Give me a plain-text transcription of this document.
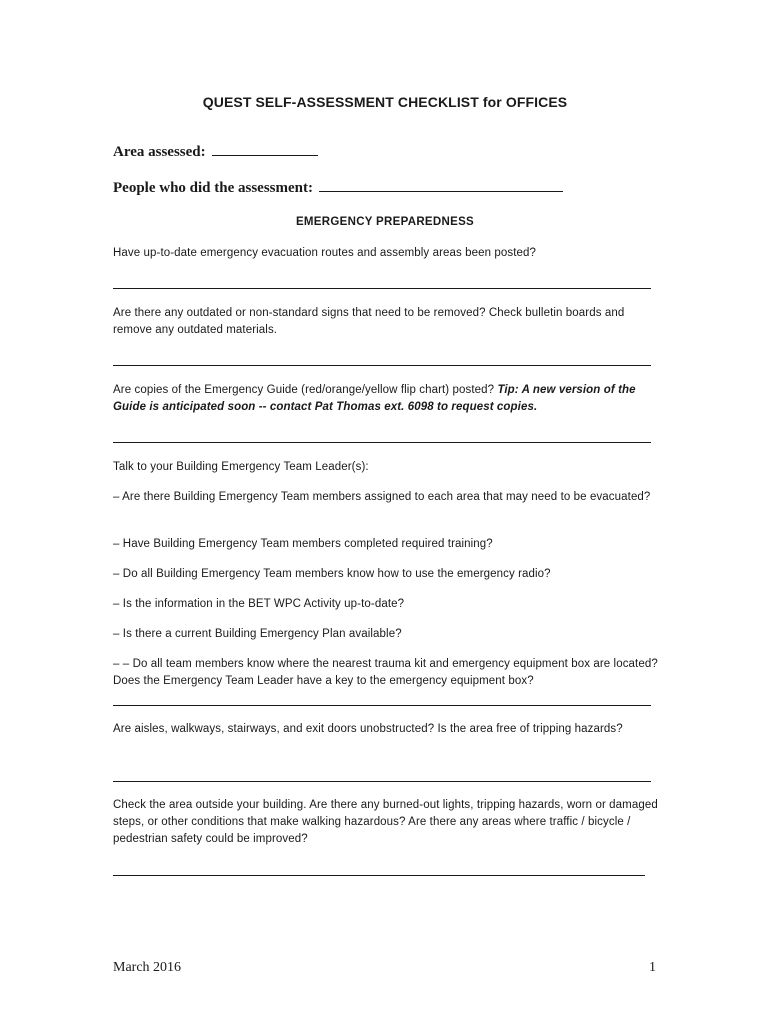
QUEST SELF-ASSESSMENT CHECKLIST for OFFICES
Area assessed:
People who did the assessment:
EMERGENCY PREPAREDNESS
Have up-to-date emergency evacuation routes and assembly areas been posted?
Are there any outdated or non-standard signs that need to be removed? Check bulletin boards and remove any outdated materials.
Are copies of the Emergency Guide (red/orange/yellow flip chart) posted? Tip: A new version of the Guide is anticipated soon -- contact Pat Thomas ext. 6098 to request copies.
Talk to your Building Emergency Team Leader(s):
– Are there Building Emergency Team members assigned to each area that may need to be evacuated?
– Have Building Emergency Team members completed required training?
– Do all Building Emergency Team members know how to use the emergency radio?
– Is the information in the BET WPC Activity up-to-date?
– Is there a current Building Emergency Plan available?
– – Do all team members know where the nearest trauma kit and emergency equipment box are located? Does the Emergency Team Leader have a key to the emergency equipment box?
Are aisles, walkways, stairways, and exit doors unobstructed? Is the area free of tripping hazards?
Check the area outside your building. Are there any burned-out lights, tripping hazards, worn or damaged steps, or other conditions that make walking hazardous? Are there any areas where traffic / bicycle / pedestrian safety could be improved?
March 2016	1
